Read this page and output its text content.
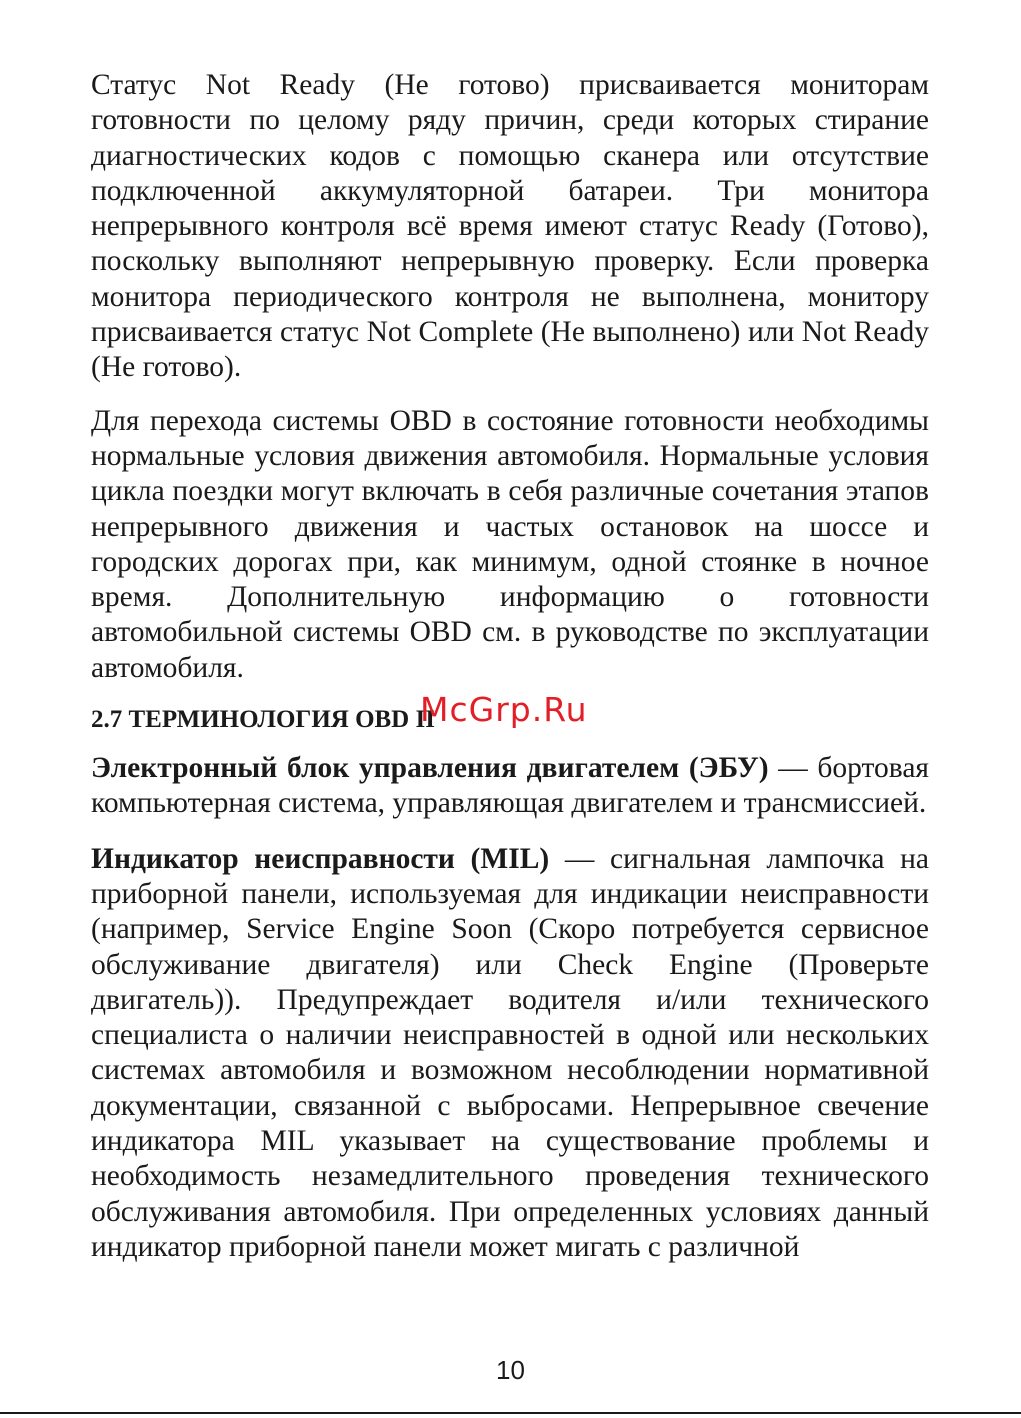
Статус Not Ready (Не готово) присваивается мониторам готовности по целому ряду причин, среди которых стирание диагностических кодов с помощью сканера или отсутствие подключенной аккумуляторной батареи. Три монитора непрерывного контроля всё время имеют статус Ready (Готово), поскольку выполняют непрерывную проверку. Если проверка монитора периодического контроля не выполнена, монитору присваивается статус Not Complete (Не выполнено) или Not Ready (Не готово).

Для перехода системы OBD в состояние готовности необходимы нормальные условия движения автомобиля. Нормальные условия цикла поездки могут включать в себя различные сочетания этапов непрерывного движения и частых остановок на шоссе и городских дорогах при, как минимум, одной стоянке в ночное время. Дополнительную информацию о готовности автомобильной системы OBD см. в руководстве по эксплуатации автомобиля.

2.7 ТЕРМИНОЛОГИЯ OBD II

Электронный блок управления двигателем (ЭБУ) — бортовая компьютерная система, управляющая двигателем и трансмиссией.

Индикатор неисправности (MIL) — сигнальная лампочка на приборной панели, используемая для индикации неисправности (например, Service Engine Soon (Скоро потребуется сервисное обслуживание двигателя) или Check Engine (Проверьте двигатель)). Предупреждает водителя и/или технического специалиста о наличии неисправностей в одной или нескольких системах автомобиля и возможном несоблюдении нормативной документации, связанной с выбросами. Непрерывное свечение индикатора MIL указывает на существование проблемы и необходимость незамедлительного проведения технического обслуживания автомобиля. При определенных условиях данный индикатор приборной панели может мигать с различной

McGrp.Ru
10
